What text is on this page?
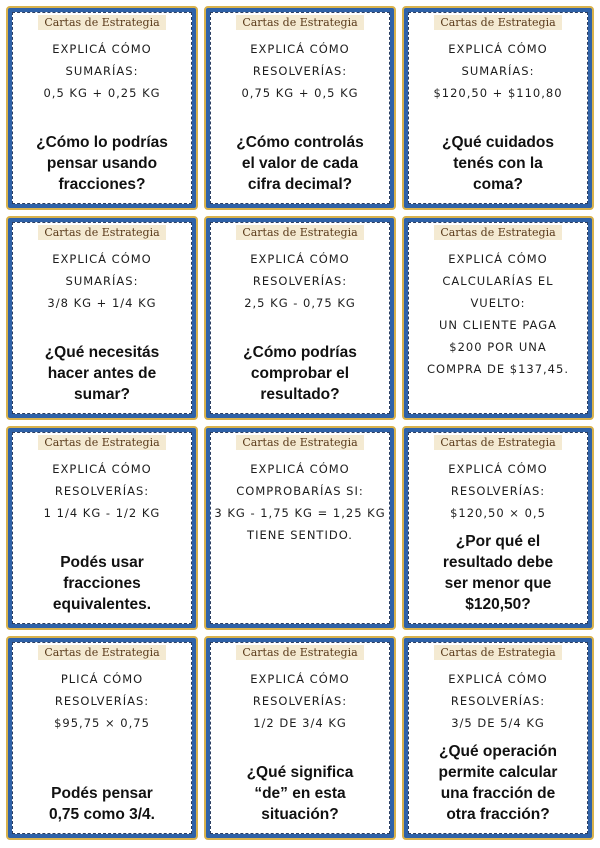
Cartas de Estrategia
EXPLICÁ CÓMO
SUMARÍAS:
0,5 KG + 0,25 KG
¿Cómo lo podrías
pensar usando
fracciones?
Cartas de Estrategia
EXPLICÁ CÓMO
RESOLVERÍAS:
0,75 KG + 0,5 KG
¿Cómo controlás
el valor de cada
cifra decimal?
Cartas de Estrategia
EXPLICÁ CÓMO
SUMARÍAS:
$120,50 + $110,80
¿Qué cuidados
tenés con la
coma?
Cartas de Estrategia
EXPLICÁ CÓMO
SUMARÍAS:
3/8 KG + 1/4 KG
¿Qué necesitás
hacer antes de
sumar?
Cartas de Estrategia
EXPLICÁ CÓMO
RESOLVERÍAS:
2,5 KG - 0,75 KG
¿Cómo podrías
comprobar el
resultado?
Cartas de Estrategia
EXPLICÁ CÓMO
CALCULARÍAS EL
VUELTO:
UN CLIENTE PAGA
$200 POR UNA
COMPRA DE $137,45.
Cartas de Estrategia
EXPLICÁ CÓMO
RESOLVERÍAS:
1 1/4 KG - 1/2 KG
Podés usar
fracciones
equivalentes.
Cartas de Estrategia
EXPLICÁ CÓMO
COMPROBARÍAS SI:
3 KG - 1,75 KG = 1,25 KG
TIENE SENTIDO.
Cartas de Estrategia
EXPLICÁ CÓMO
RESOLVERÍAS:
$120,50 × 0,5
¿Por qué el
resultado debe
ser menor que
$120,50?
Cartas de Estrategia
PLICÁ CÓMO
RESOLVERÍAS:
$95,75 × 0,75
Podés pensar
0,75 como 3/4.
Cartas de Estrategia
EXPLICÁ CÓMO
RESOLVERÍAS:
1/2 DE 3/4 KG
¿Qué significa
“de” en esta
situación?
Cartas de Estrategia
EXPLICÁ CÓMO
RESOLVERÍAS:
3/5 DE 5/4 KG
¿Qué operación
permite calcular
una fracción de
otra fracción?
